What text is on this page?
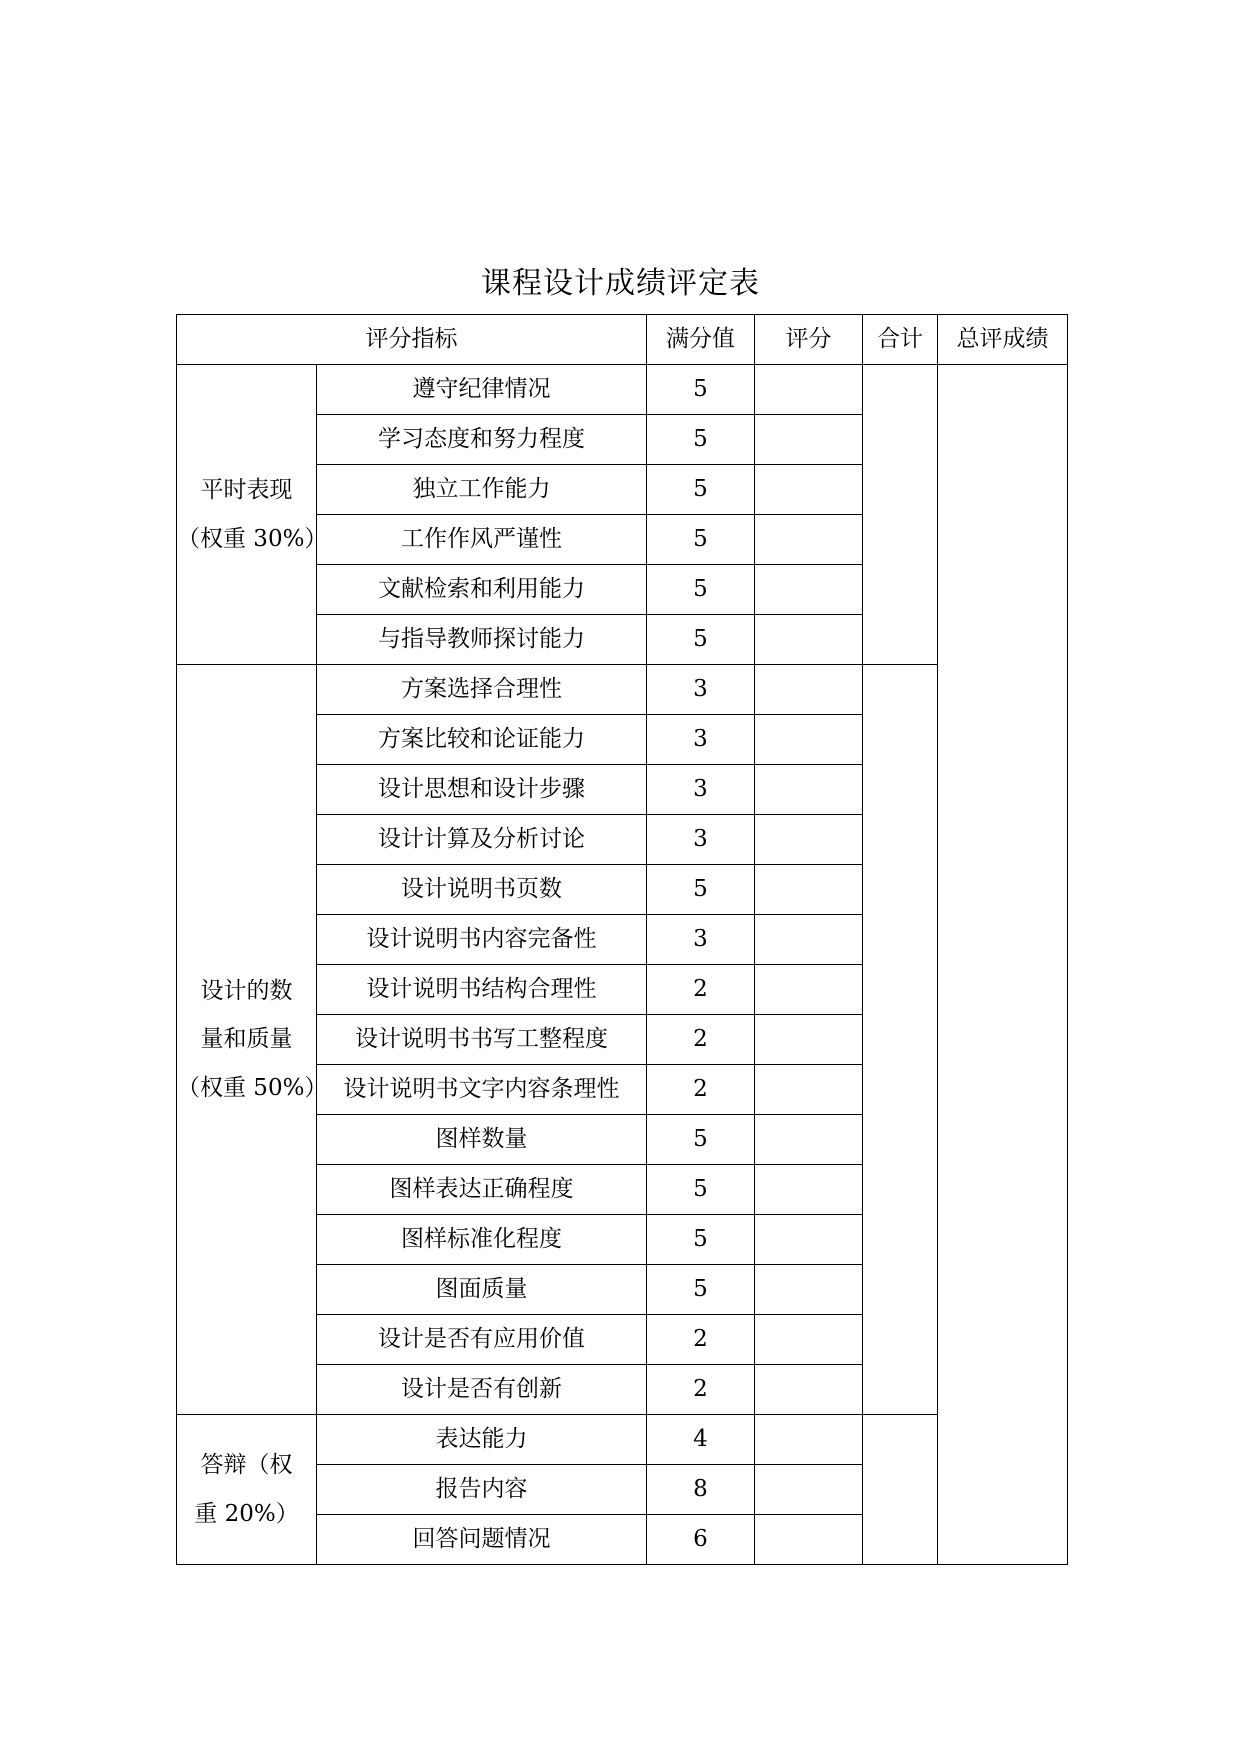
课程设计成绩评定表
评分指标		满分值	评分	合计	总评成绩

平时表现
（权重 30%）	遵守纪律情况	5			
	学习态度和努力程度	5			
	独立工作能力	5			
	工作作风严谨性	5			
	文献检索和利用能力	5			
	与指导教师探讨能力	5			

设计的数
量和质量
（权重 50%）	方案选择合理性	3			
	方案比较和论证能力	3			
	设计思想和设计步骤	3			
	设计计算及分析讨论	3			
	设计说明书页数	5			
	设计说明书内容完备性	3			
	设计说明书结构合理性	2			
	设计说明书书写工整程度	2			
	设计说明书文字内容条理性	2			
	图样数量	5			
	图样表达正确程度	5			
	图样标准化程度	5			
	图面质量	5			
	设计是否有应用价值	2			
	设计是否有创新	2			

答辩（权
重 20%）	表达能力	4			
	报告内容	8			
	回答问题情况	6			
